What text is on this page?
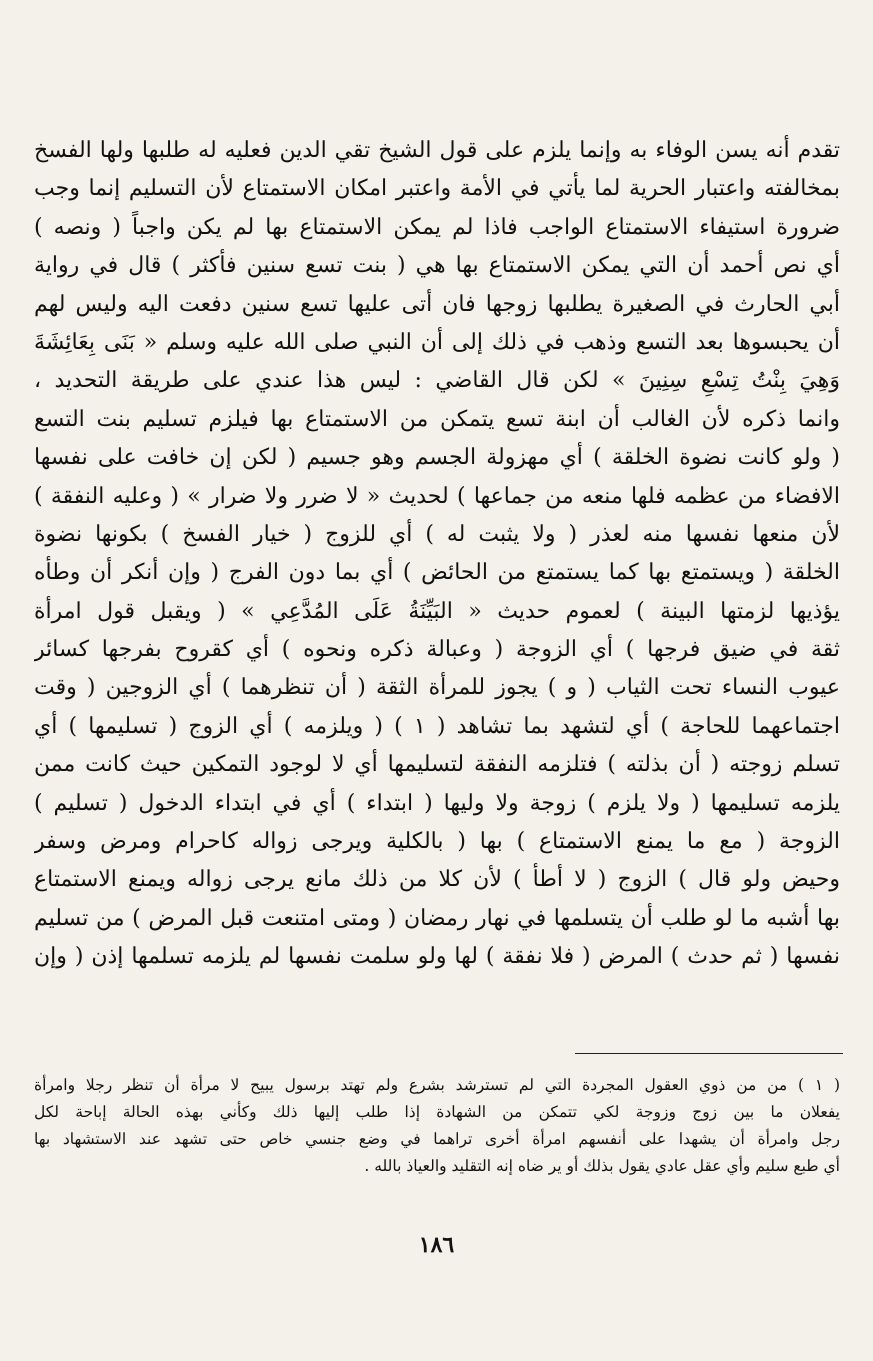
تقدم أنه يسن الوفاء به وإنما يلزم على قول الشيخ تقي الدين فعليه له طلبها ولها الفسخ
بمخالفته واعتبار الحرية لما يأتي في الأمة واعتبر امكان الاستمتاع لأن التسليم إنما وجب
ضرورة استيفاء الاستمتاع الواجب فاذا لم يمكن الاستمتاع بها لم يكن واجباً ( ونصه )
أي نص أحمد أن التي يمكن الاستمتاع بها هي ( بنت تسع سنين فأكثر ) قال في رواية
أبي الحارث في الصغيرة يطلبها زوجها فان أتى عليها تسع سنين دفعت اليه وليس لهم
أن يحبسوها بعد التسع وذهب في ذلك إلى أن النبي صلى الله عليه وسلم « بَنَى بِعَائِشَةَ
وَهِيَ بِنْتُ تِسْعِ سِنِينَ » لكن قال القاضي : ليس هذا عندي على طريقة التحديد ،
وانما ذكره لأن الغالب أن ابنة تسع يتمكن من الاستمتاع بها فيلزم تسليم بنت التسع
( ولو كانت نضوة الخلقة ) أي مهزولة الجسم وهو جسيم ( لكن إن خافت على نفسها
الافضاء من عظمه فلها منعه من جماعها ) لحديث « لا ضرر ولا ضرار » ( وعليه النفقة )
لأن منعها نفسها منه لعذر ( ولا يثبت له ) أي للزوج ( خيار الفسخ ) بكونها نضوة
الخلقة ( ويستمتع بها كما يستمتع من الحائض ) أي بما دون الفرج ( وإن أنكر أن وطأه
يؤذيها لزمتها البينة ) لعموم حديث « البَيِّنَةُ عَلَى المُدَّعِي » ( ويقبل قول امرأة
ثقة في ضيق فرجها ) أي الزوجة ( وعبالة ذكره ونحوه ) أي كقروح بفرجها كسائر
عيوب النساء تحت الثياب ( و ) يجوز للمرأة الثقة ( أن تنظرهما ) أي الزوجين ( وقت
اجتماعهما للحاجة ) أي لتشهد بما تشاهد ( ١ ) ( ويلزمه ) أي الزوج ( تسليمها ) أي
تسلم زوجته ( أن بذلته ) فتلزمه النفقة لتسليمها أي لا لوجود التمكين حيث كانت ممن
يلزمه تسليمها ( ولا يلزم ) زوجة ولا وليها ( ابتداء ) أي في ابتداء الدخول ( تسليم )
الزوجة ( مع ما يمنع الاستمتاع ) بها ( بالكلية ويرجى زواله كاحرام ومرض وسفر
وحيض ولو قال ) الزوج ( لا أطأ ) لأن كلا من ذلك مانع يرجى زواله ويمنع الاستمتاع
بها أشبه ما لو طلب أن يتسلمها في نهار رمضان ( ومتى امتنعت قبل المرض ) من تسليم
نفسها ( ثم حدث ) المرض ( فلا نفقة ) لها ولو سلمت نفسها لم يلزمه تسلمها إذن ( وإن
( ١ ) من من ذوي العقول المجردة التي لم تسترشد بشرع ولم تهتد برسول يبيح لا مرأة أن تنظر رجلا وامرأة
يفعلان ما بين زوج وزوجة لكي تتمكن من الشهادة إذا طلب إليها ذلك وكأني بهذه الحالة إباحة لكل
رجل وامرأة أن يشهدا على أنفسهم امرأة أخرى تراهما في وضع جنسي خاص حتى تشهد عند الاستشهاد بها
أي طبع سليم وأي عقل عادي يقول بذلك أو ير ضاه إنه التقليد والعياذ بالله .
١٨٦
